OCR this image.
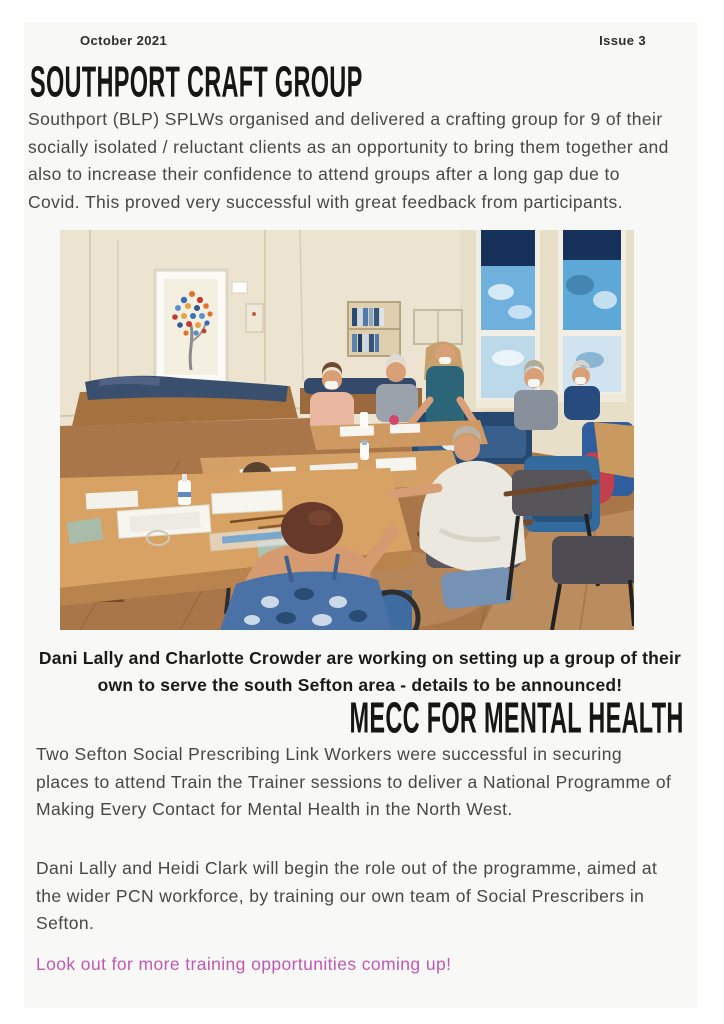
October 2021	Issue 3
SOUTHPORT CRAFT GROUP
Southport (BLP) SPLWs organised and delivered a crafting group for 9 of their socially isolated / reluctant clients as an opportunity to bring them together and also to increase their confidence to attend groups after a long gap due to Covid. This proved very successful with great feedback from participants.
Dani Lally and Charlotte Crowder are working on setting up a group of their own to serve the south Sefton area - details to be announced!
MECC FOR MENTAL HEALTH
Two Sefton Social Prescribing Link Workers were successful in securing places to attend Train the Trainer sessions to deliver a National Programme of Making Every Contact for Mental Health in the North West.
Dani Lally and Heidi Clark will begin the role out of the programme, aimed at the wider PCN workforce, by training our own team of Social Prescribers in Sefton.
Look out for more training opportunities coming up!
